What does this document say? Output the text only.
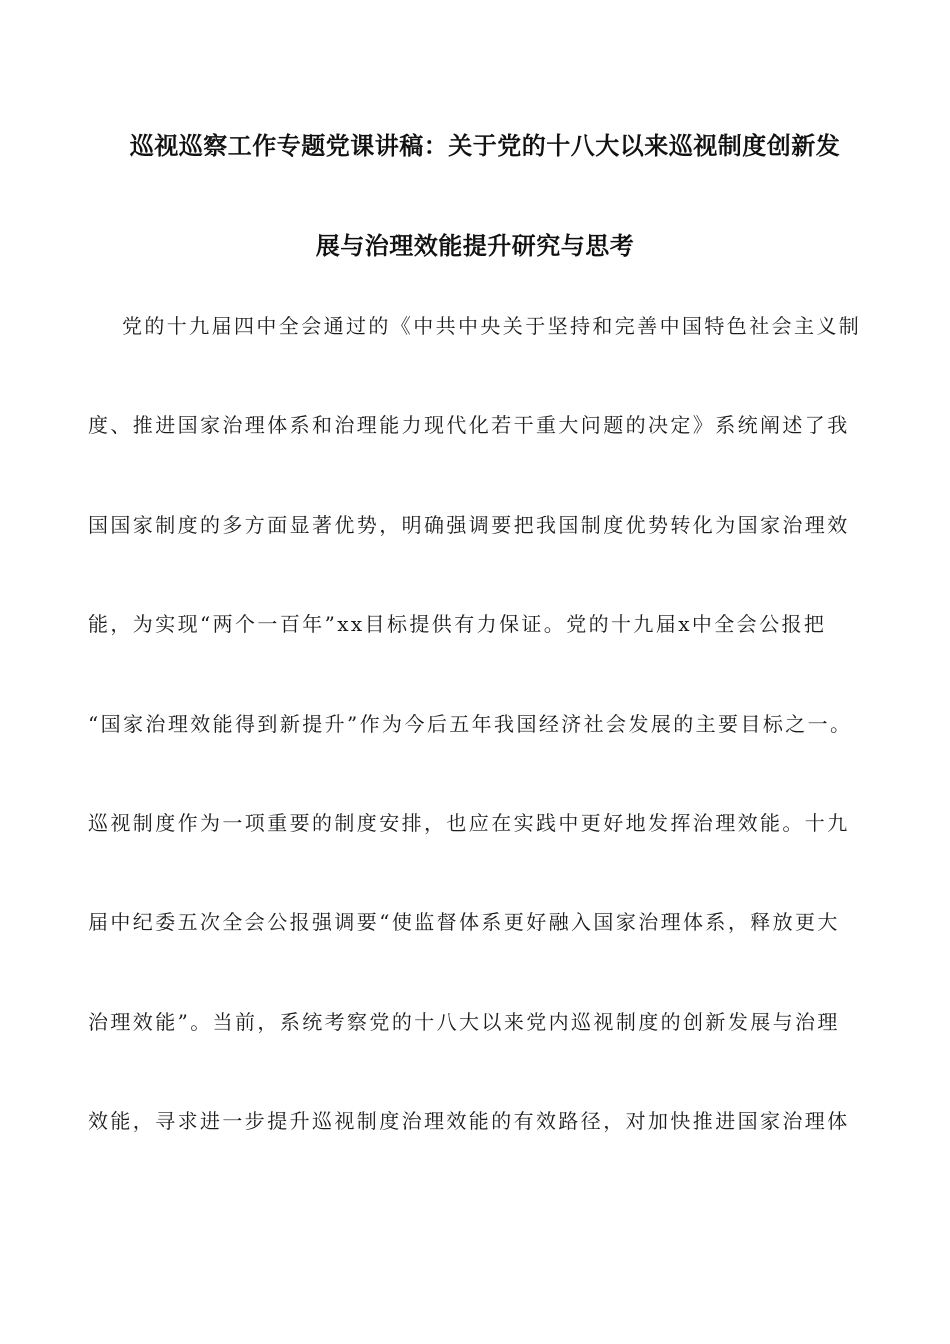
巡视巡察工作专题党课讲稿：关于党的十八大以来巡视制度创新发
展与治理效能提升研究与思考
党的十九届四中全会通过的《中共中央关于坚持和完善中国特色社会主义制
度、推进国家治理体系和治理能力现代化若干重大问题的决定》系统阐述了我
国国家制度的多方面显著优势，明确强调要把我国制度优势转化为国家治理效
能，为实现“两个一百年”xx目标提供有力保证。党的十九届x中全会公报把
“国家治理效能得到新提升”作为今后五年我国经济社会发展的主要目标之一。
巡视制度作为一项重要的制度安排，也应在实践中更好地发挥治理效能。十九
届中纪委五次全会公报强调要“使监督体系更好融入国家治理体系，释放更大
治理效能”。当前，系统考察党的十八大以来党内巡视制度的创新发展与治理
效能，寻求进一步提升巡视制度治理效能的有效路径，对加快推进国家治理体
